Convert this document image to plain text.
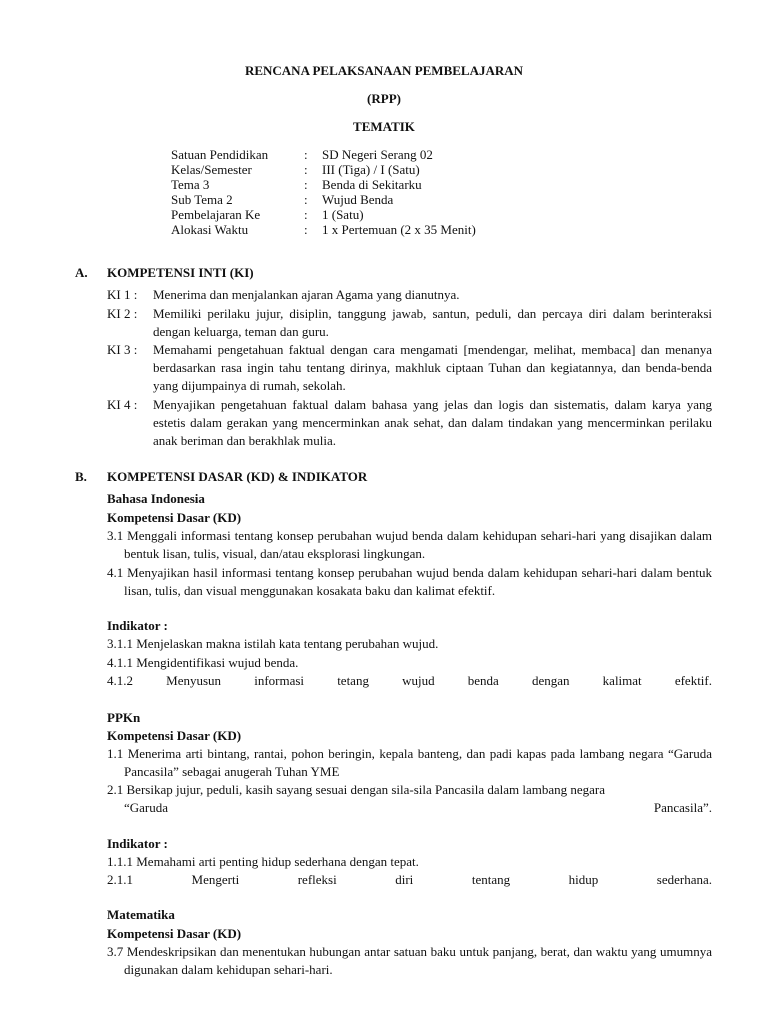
RENCANA PELAKSANAAN PEMBELAJARAN
(RPP)
TEMATIK
Satuan Pendidikan	: SD Negeri Serang 02
Kelas/Semester	: III (Tiga) / I (Satu)
Tema 3	: Benda di Sekitarku
Sub Tema 2	: Wujud Benda
Pembelajaran Ke	: 1 (Satu)
Alokasi Waktu	: 1 x Pertemuan (2 x 35 Menit)
A. KOMPETENSI INTI (KI)
KI 1 : Menerima dan menjalankan ajaran Agama yang dianutnya.
KI 2 : Memiliki perilaku jujur, disiplin, tanggung jawab, santun, peduli, dan percaya diri dalam berinteraksi dengan keluarga, teman dan guru.
KI 3 : Memahami pengetahuan faktual dengan cara mengamati [mendengar, melihat, membaca] dan menanya berdasarkan rasa ingin tahu tentang dirinya, makhluk ciptaan Tuhan dan kegiatannya, dan benda-benda yang dijumpainya di rumah, sekolah.
KI 4 : Menyajikan pengetahuan faktual dalam bahasa yang jelas dan logis dan sistematis, dalam karya yang estetis dalam gerakan yang mencerminkan anak sehat, dan dalam tindakan yang mencerminkan perilaku anak beriman dan berakhlak mulia.
B. KOMPETENSI DASAR (KD) & INDIKATOR
Bahasa Indonesia
Kompetensi Dasar (KD)
3.1 Menggali informasi tentang konsep perubahan wujud benda dalam kehidupan sehari-hari yang disajikan dalam bentuk lisan, tulis, visual, dan/atau eksplorasi lingkungan.
4.1 Menyajikan hasil informasi tentang konsep perubahan wujud benda dalam kehidupan sehari-hari dalam bentuk lisan, tulis, dan visual menggunakan kosakata baku dan kalimat efektif.
Indikator :
3.1.1 Menjelaskan makna istilah kata tentang perubahan wujud.
4.1.1 Mengidentifikasi wujud benda.
4.1.2	Menyusun	informasi	tetang	wujud	benda	dengan	kalimat	efektif.
PPKn
Kompetensi Dasar (KD)
1.1 Menerima arti bintang, rantai, pohon beringin, kepala banteng, dan padi kapas pada lambang negara “Garuda Pancasila” sebagai anugerah Tuhan YME
2.1 Bersikap jujur, peduli, kasih sayang sesuai dengan sila-sila Pancasila dalam lambang negara
“Garuda	Pancasila”.
Indikator :
1.1.1 Memahami arti penting hidup sederhana dengan tepat.
2.1.1	Mengerti	refleksi	diri	tentang	hidup	sederhana.
Matematika
Kompetensi Dasar (KD)
3.7 Mendeskripsikan dan menentukan hubungan antar satuan baku untuk panjang, berat, dan waktu yang umumnya digunakan dalam kehidupan sehari-hari.
